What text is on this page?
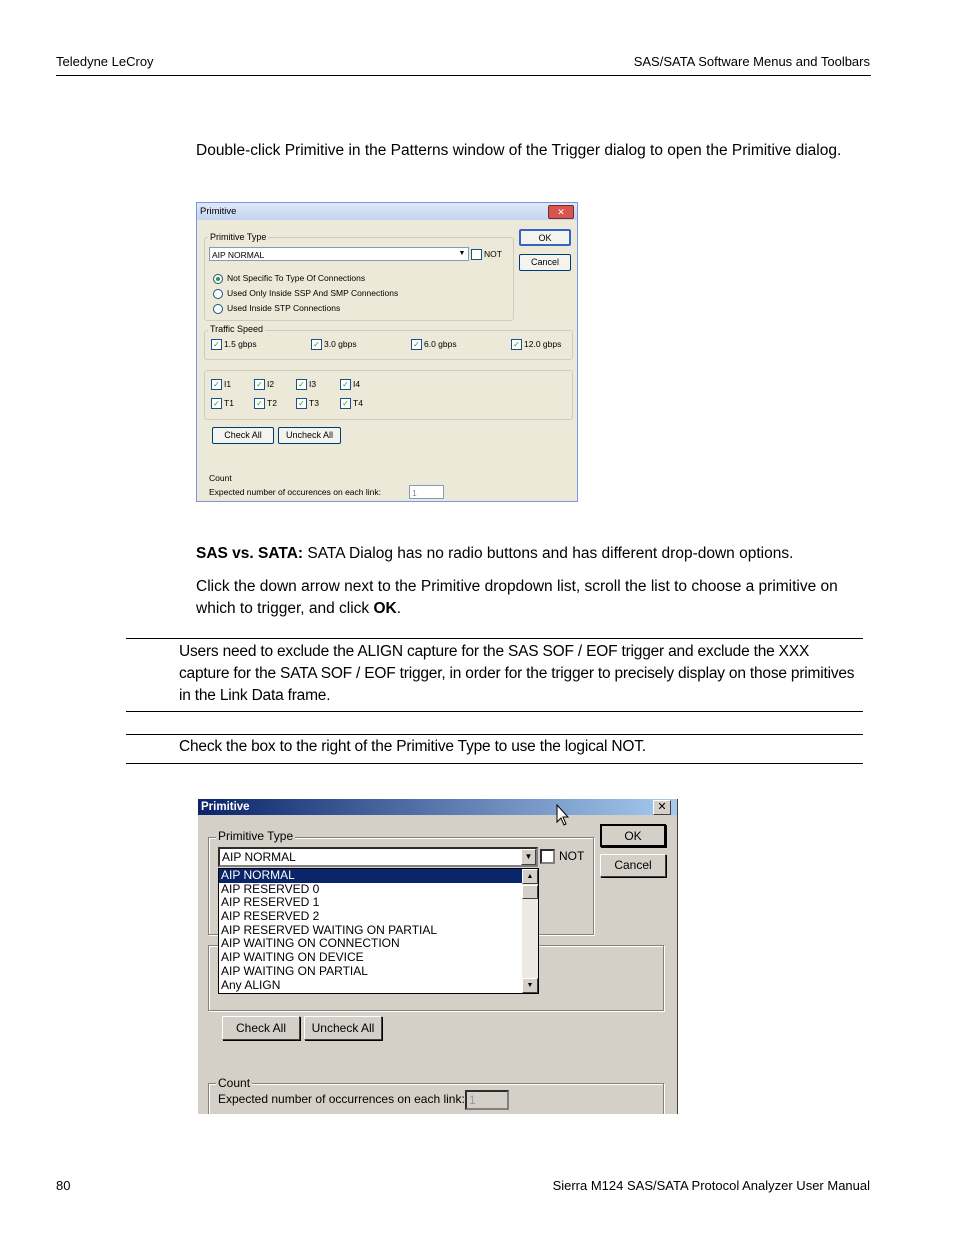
Teledyne LeCroy	SAS/SATA Software Menus and Toolbars
Double-click Primitive in the Patterns window of the Trigger dialog to open the Primitive dialog.
Primitive	✕
Primitive Type
AIP NORMAL	▼	NOT
OK
Cancel
Not Specific To Type Of Connections
Used Only Inside SSP And SMP Connections
Used Inside STP Connections
Traffic Speed
✓ 1.5 gbps	✓ 3.0 gbps	✓ 6.0 gbps	✓ 12.0 gbps
✓ I1	✓ I2	✓ I3	✓ I4
✓ T1	✓ T2	✓ T3	✓ T4
Check All	Uncheck All
Count
Expected number of occurences on each link:	1
SAS vs. SATA: SATA Dialog has no radio buttons and has different drop-down options.
Click the down arrow next to the Primitive dropdown list, scroll the list to choose a primitive on which to trigger, and click OK.
Users need to exclude the ALIGN capture for the SAS SOF / EOF trigger and exclude the XXX capture for the SATA SOF / EOF trigger, in order for the trigger to precisely display on those primitives in the Link Data frame.
Check the box to the right of the Primitive Type to use the logical NOT.
Primitive	✕
Primitive Type
AIP NORMAL	▼ NOT
OK
Cancel
AIP NORMAL
AIP RESERVED 0
AIP RESERVED 1
AIP RESERVED 2
AIP RESERVED WAITING ON PARTIAL
AIP WAITING ON CONNECTION
AIP WAITING ON DEVICE
AIP WAITING ON PARTIAL
Any ALIGN
▲
▼
Check All	Uncheck All
Count
Expected number of occurrences on each link: 1
80	Sierra M124 SAS/SATA Protocol Analyzer User Manual
